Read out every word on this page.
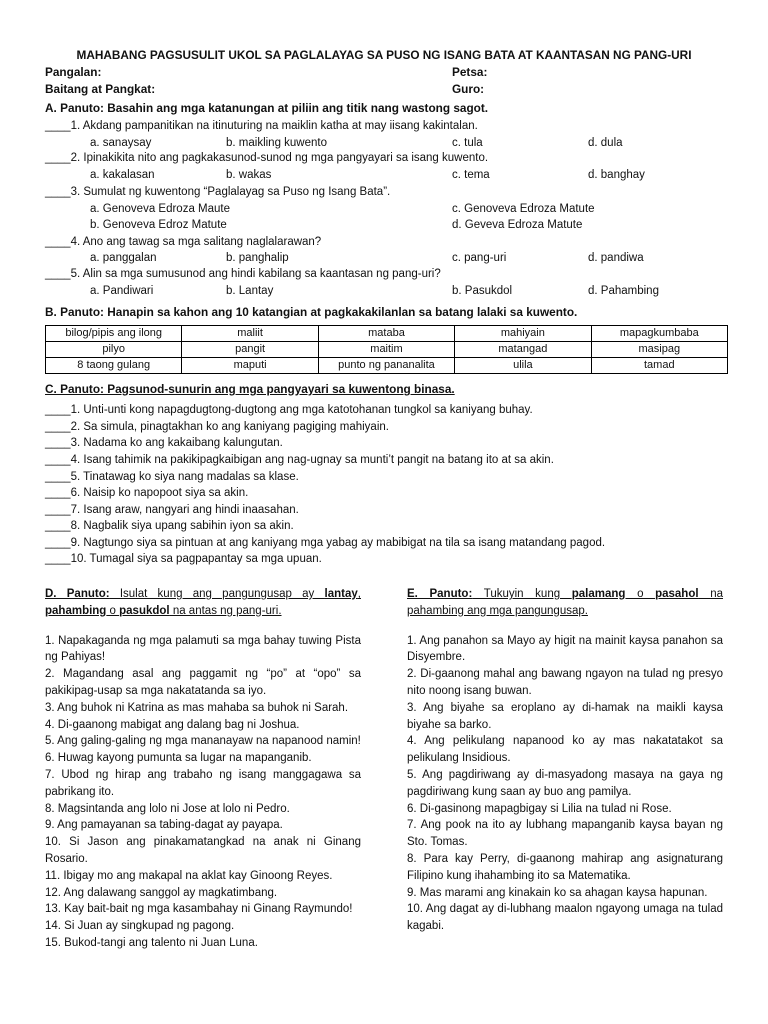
MAHABANG PAGSUSULIT UKOL SA PAGLALAYAG SA PUSO NG ISANG BATA AT KAANTASAN NG PANG-URI
Pangalan:	Petsa:
Baitang at Pangkat:	Guro:
A. Panuto: Basahin ang mga katanungan at piliin ang titik nang wastong sagot.
____1. Akdang pampanitikan na itinuturing na maiklin katha at may iisang kakintalan.
a. sanaysay	b. maikling kuwento	c. tula	d. dula
____2. Ipinakikita nito ang pagkakasunod-sunod ng mga pangyayari sa isang kuwento.
a. kakalasan	b. wakas	c. tema	d. banghay
____3. Sumulat ng kuwentong “Paglalayag sa Puso ng Isang Bata”.
a. Genoveva Edroza Maute	c. Genoveva Edroza Matute
b. Genoveva Edroz Matute	d. Geveva Edroza Matute
____4. Ano ang tawag sa mga salitang naglalarawan?
a. panggalan	b. panghalip	c. pang-uri	d. pandiwa
____5. Alin sa mga sumusunod ang hindi kabilang sa kaantasan ng pang-uri?
a. Pandiwari	b. Lantay	b. Pasukdol	d. Pahambing
B. Panuto: Hanapin sa kahon ang 10 katangian at pagkakakilanlan sa batang lalaki sa kuwento.
bilog/pipis ang ilong	maliit	mataba	mahiyain	mapagkumbaba
pilyo	pangit	maitim	matangad	masipag
8 taong gulang	maputi	punto ng pananalita	ulila	tamad
C. Panuto: Pagsunod-sunurin ang mga pangyayari sa kuwentong binasa.
____1. Unti-unti kong napagdugtong-dugtong ang mga katotohanan tungkol sa kaniyang buhay.
____2. Sa simula, pinagtakhan ko ang kaniyang pagiging mahiyain.
____3. Nadama ko ang kakaibang kalungutan.
____4. Isang tahimik na pakikipagkaibigan ang nag-ugnay sa munti’t pangit na batang ito at sa akin.
____5. Tinatawag ko siya nang madalas sa klase.
____6. Naisip ko napopoot siya sa akin.
____7. Isang araw, nangyari ang hindi inaasahan.
____8. Nagbalik siya upang sabihin iyon sa akin.
____9. Nagtungo siya sa pintuan at ang kaniyang mga yabag ay mabibigat na tila sa isang matandang pagod.
____10. Tumagal siya sa pagpapantay sa mga upuan.

D. Panuto: Isulat kung ang pangungusap ay lantay, pahambing o pasukdol na antas ng pang-uri.

1. Napakaganda ng mga palamuti sa mga bahay tuwing Pista ng Pahiyas!

2. Magandang asal ang paggamit ng “po” at “opo” sa pakikipag-usap sa mga nakatatanda sa iyo.

3. Ang buhok ni Katrina as mas mahaba sa buhok ni Sarah.

4. Di-gaanong mabigat ang dalang bag ni Joshua.

5. Ang galing-galing ng mga mananayaw na napanood namin!

6. Huwag kayong pumunta sa lugar na mapanganib.

7. Ubod ng hirap ang trabaho ng isang manggagawa sa pabrikang ito.

8. Magsintanda ang lolo ni Jose at lolo ni Pedro.

9. Ang pamayanan sa tabing-dagat ay payapa.

10. Si Jason ang pinakamatangkad na anak ni Ginang Rosario.

11. Ibigay mo ang makapal na aklat kay Ginoong Reyes.

12. Ang dalawang sanggol ay magkatimbang.

13. Kay bait-bait ng mga kasambahay ni Ginang Raymundo!

14. Si Juan ay singkupad ng pagong.

15. Bukod-tangi ang talento ni Juan Luna.

E. Panuto: Tukuyin kung palamang o pasahol na pahambing ang mga pangungusap.

1. Ang panahon sa Mayo ay higit na mainit kaysa panahon sa Disyembre.

2. Di-gaanong mahal ang bawang ngayon na tulad ng presyo nito noong isang buwan.

3. Ang biyahe sa eroplano ay di-hamak na maikli kaysa biyahe sa barko.

4. Ang pelikulang napanood ko ay mas nakatatakot sa pelikulang Insidious.

5. Ang pagdiriwang ay di-masyadong masaya na gaya ng pagdiriwang kung saan ay buo ang pamilya.

6. Di-gasinong mapagbigay si Lilia na tulad ni Rose.

7. Ang pook na ito ay lubhang mapanganib kaysa bayan ng Sto. Tomas.

8. Para kay Perry, di-gaanong mahirap ang asignaturang Filipino kung ihahambing ito sa Matematika.

9. Mas marami ang kinakain ko sa ahagan kaysa hapunan.

10. Ang dagat ay di-lubhang maalon ngayong umaga na tulad kagabi.
